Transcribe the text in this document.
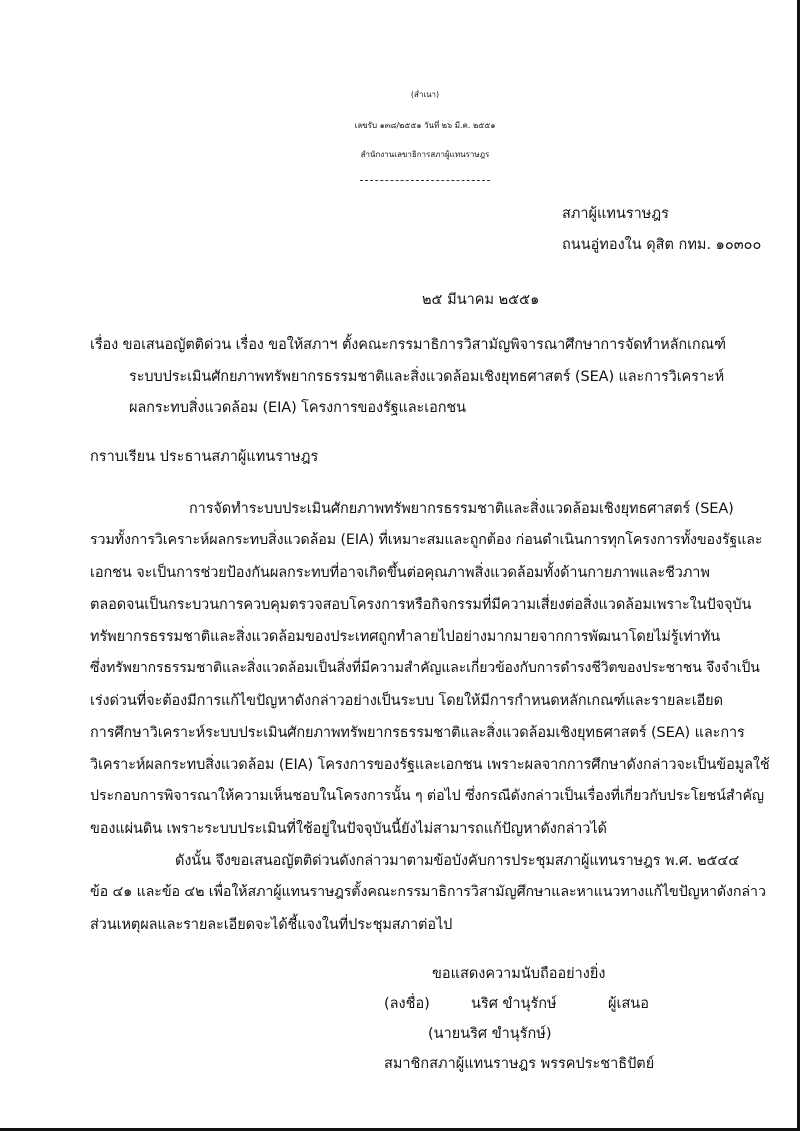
(สำเนา)
เลขรับ ๑๓๘/๒๕๕๑ วันที่ ๒๖ มี.ค. ๒๕๕๑
สำนักงานเลขาธิการสภาผู้แทนราษฎร
สภาผู้แทนราษฎร
ถนนอู่ทองใน ดุสิต กทม. ๑๐๓๐๐
๒๕ มีนาคม ๒๕๕๑
เรื่อง ขอเสนอญัตติด่วน เรื่อง ขอให้สภาฯ ตั้งคณะกรรมาธิการวิสามัญพิจารณาศึกษาการจัดทำหลักเกณฑ์
ระบบประเมินศักยภาพทรัพยากรธรรมชาติและสิ่งแวดล้อมเชิงยุทธศาสตร์ (SEA) และการวิเคราะห์
ผลกระทบสิ่งแวดล้อม (EIA) โครงการของรัฐและเอกชน
กราบเรียน ประธานสภาผู้แทนราษฎร
การจัดทำระบบประเมินศักยภาพทรัพยากรธรรมชาติและสิ่งแวดล้อมเชิงยุทธศาสตร์ (SEA)
รวมทั้งการวิเคราะห์ผลกระทบสิ่งแวดล้อม (EIA) ที่เหมาะสมและถูกต้อง ก่อนดำเนินการทุกโครงการทั้งของรัฐและ
เอกชน จะเป็นการช่วยป้องกันผลกระทบที่อาจเกิดขึ้นต่อคุณภาพสิ่งแวดล้อมทั้งด้านกายภาพและชีวภาพ
ตลอดจนเป็นกระบวนการควบคุมตรวจสอบโครงการหรือกิจกรรมที่มีความเสี่ยงต่อสิ่งแวดล้อมเพราะในปัจจุบัน
ทรัพยากรธรรมชาติและสิ่งแวดล้อมของประเทศถูกทำลายไปอย่างมากมายจากการพัฒนาโดยไม่รู้เท่าทัน
ซึ่งทรัพยากรธรรมชาติและสิ่งแวดล้อมเป็นสิ่งที่มีความสำคัญและเกี่ยวข้องกับการดำรงชีวิตของประชาชน จึงจำเป็น
เร่งด่วนที่จะต้องมีการแก้ไขปัญหาดังกล่าวอย่างเป็นระบบ โดยให้มีการกำหนดหลักเกณฑ์และรายละเอียด
การศึกษาวิเคราะห์ระบบประเมินศักยภาพทรัพยากรธรรมชาติและสิ่งแวดล้อมเชิงยุทธศาสตร์ (SEA) และการ
วิเคราะห์ผลกระทบสิ่งแวดล้อม (EIA) โครงการของรัฐและเอกชน เพราะผลจากการศึกษาดังกล่าวจะเป็นข้อมูลใช้
ประกอบการพิจารณาให้ความเห็นชอบในโครงการนั้น ๆ ต่อไป ซึ่งกรณีดังกล่าวเป็นเรื่องที่เกี่ยวกับประโยชน์สำคัญ
ของแผ่นดิน เพราะระบบประเมินที่ใช้อยู่ในปัจจุบันนี้ยังไม่สามารถแก้ปัญหาดังกล่าวได้
ดังนั้น จึงขอเสนอญัตติด่วนดังกล่าวมาตามข้อบังคับการประชุมสภาผู้แทนราษฎร พ.ศ. ๒๕๔๔
ข้อ ๔๑ และข้อ ๔๒ เพื่อให้สภาผู้แทนราษฎรตั้งคณะกรรมาธิการวิสามัญศึกษาและหาแนวทางแก้ไขปัญหาดังกล่าว
ส่วนเหตุผลและรายละเอียดจะได้ชี้แจงในที่ประชุมสภาต่อไป
ขอแสดงความนับถืออย่างยิ่ง
(ลงชื่อ)	นริศ ขำนุรักษ์	ผู้เสนอ
(นายนริศ ขำนุรักษ์)
สมาชิกสภาผู้แทนราษฎร พรรคประชาธิปัตย์
